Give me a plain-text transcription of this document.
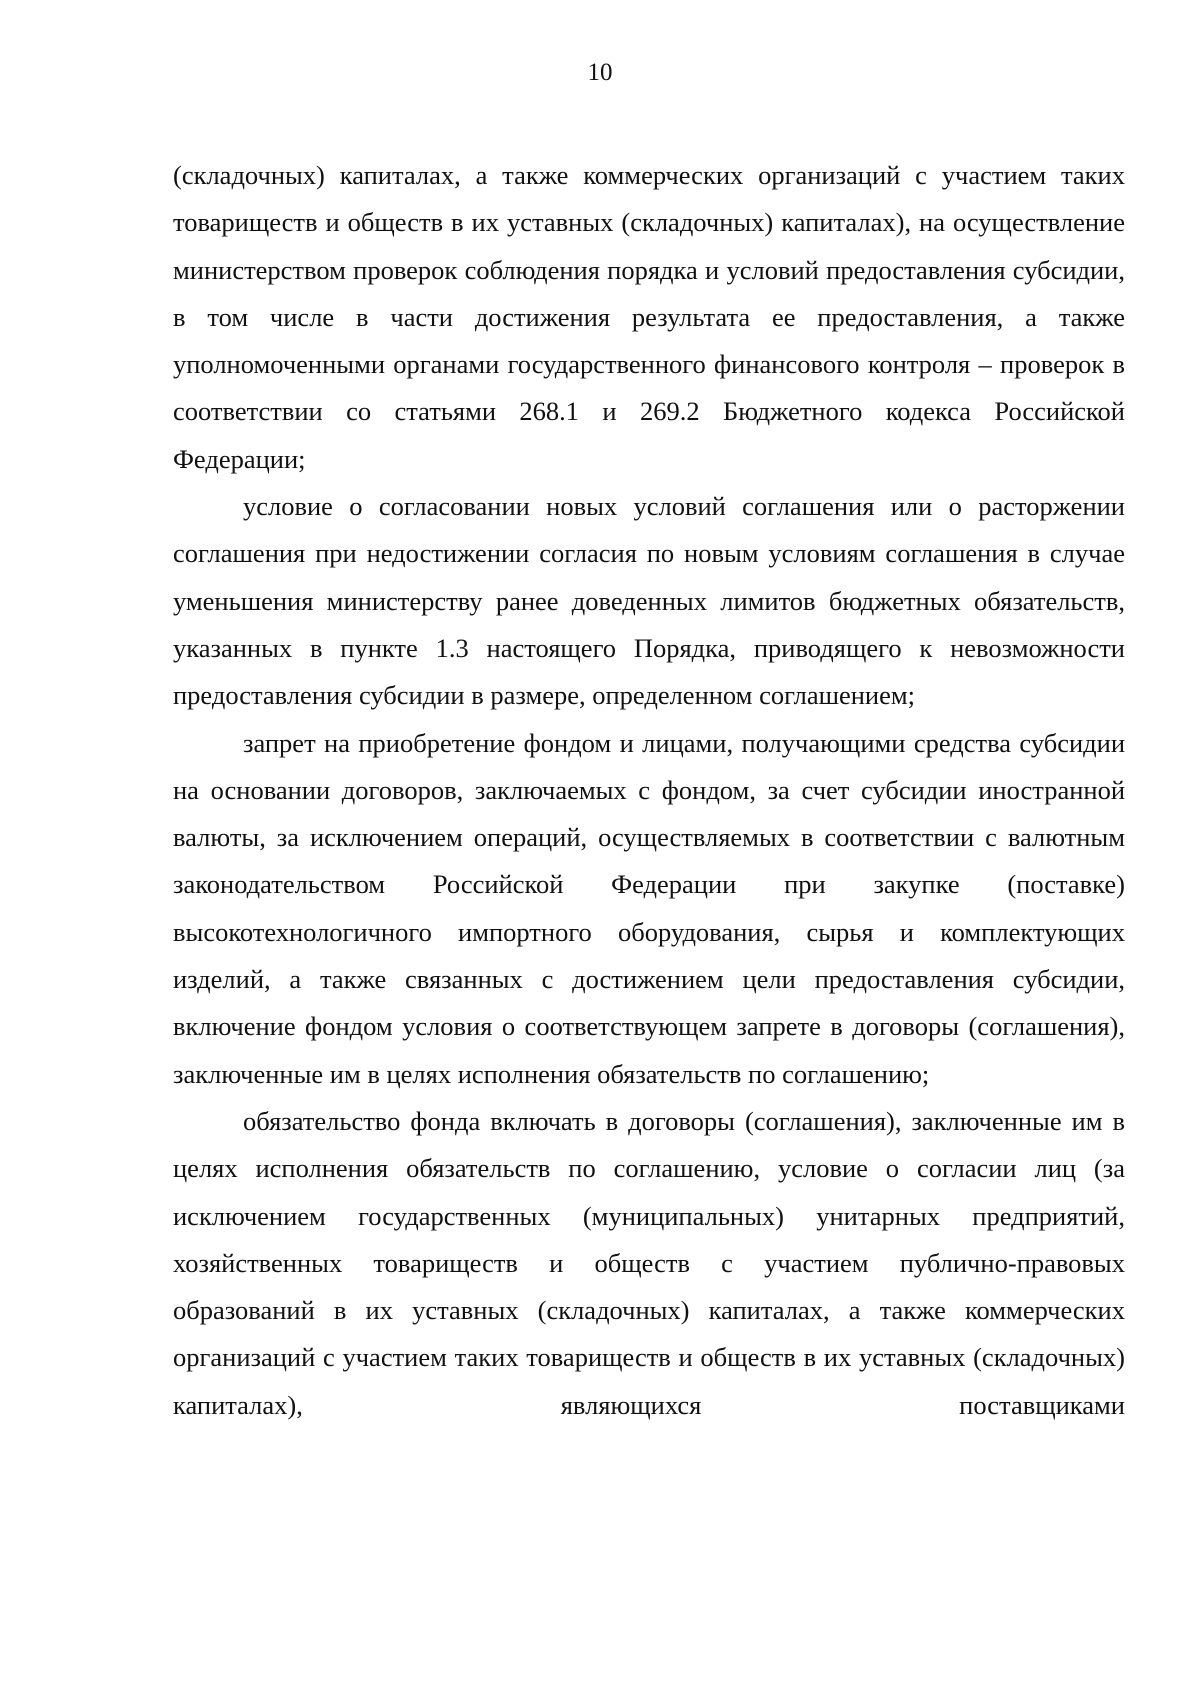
10

(складочных) капиталах, а также коммерческих организаций с участием таких товариществ и обществ в их уставных (складочных) капиталах), на осуществление министерством проверок соблюдения порядка и условий предоставления субсидии, в том числе в части достижения результата ее предоставления, а также уполномоченными органами государственного финансового контроля – проверок в соответствии со статьями 268.1 и 269.2 Бюджетного кодекса Российской Федерации;

условие о согласовании новых условий соглашения или о расторжении соглашения при недостижении согласия по новым условиям соглашения в случае уменьшения министерству ранее доведенных лимитов бюджетных обязательств, указанных в пункте 1.3 настоящего Порядка, приводящего к невозможности предоставления субсидии в размере, определенном соглашением;

запрет на приобретение фондом и лицами, получающими средства субсидии на основании договоров, заключаемых с фондом, за счет субсидии иностранной валюты, за исключением операций, осуществляемых в соответствии с валютным законодательством Российской Федерации при закупке (поставке) высокотехнологичного импортного оборудования, сырья и комплектующих изделий, а также связанных с достижением цели предоставления субсидии, включение фондом условия о соответствующем запрете в договоры (соглашения), заключенные им в целях исполнения обязательств по соглашению;

обязательство фонда включать в договоры (соглашения), заключенные им в целях исполнения обязательств по соглашению, условие о согласии лиц (за исключением государственных (муниципальных) унитарных предприятий, хозяйственных товариществ и обществ с участием публично-правовых образований в их уставных (складочных) капиталах, а также коммерческих организаций с участием таких товариществ и обществ в их уставных (складочных) капиталах), являющихся поставщиками
